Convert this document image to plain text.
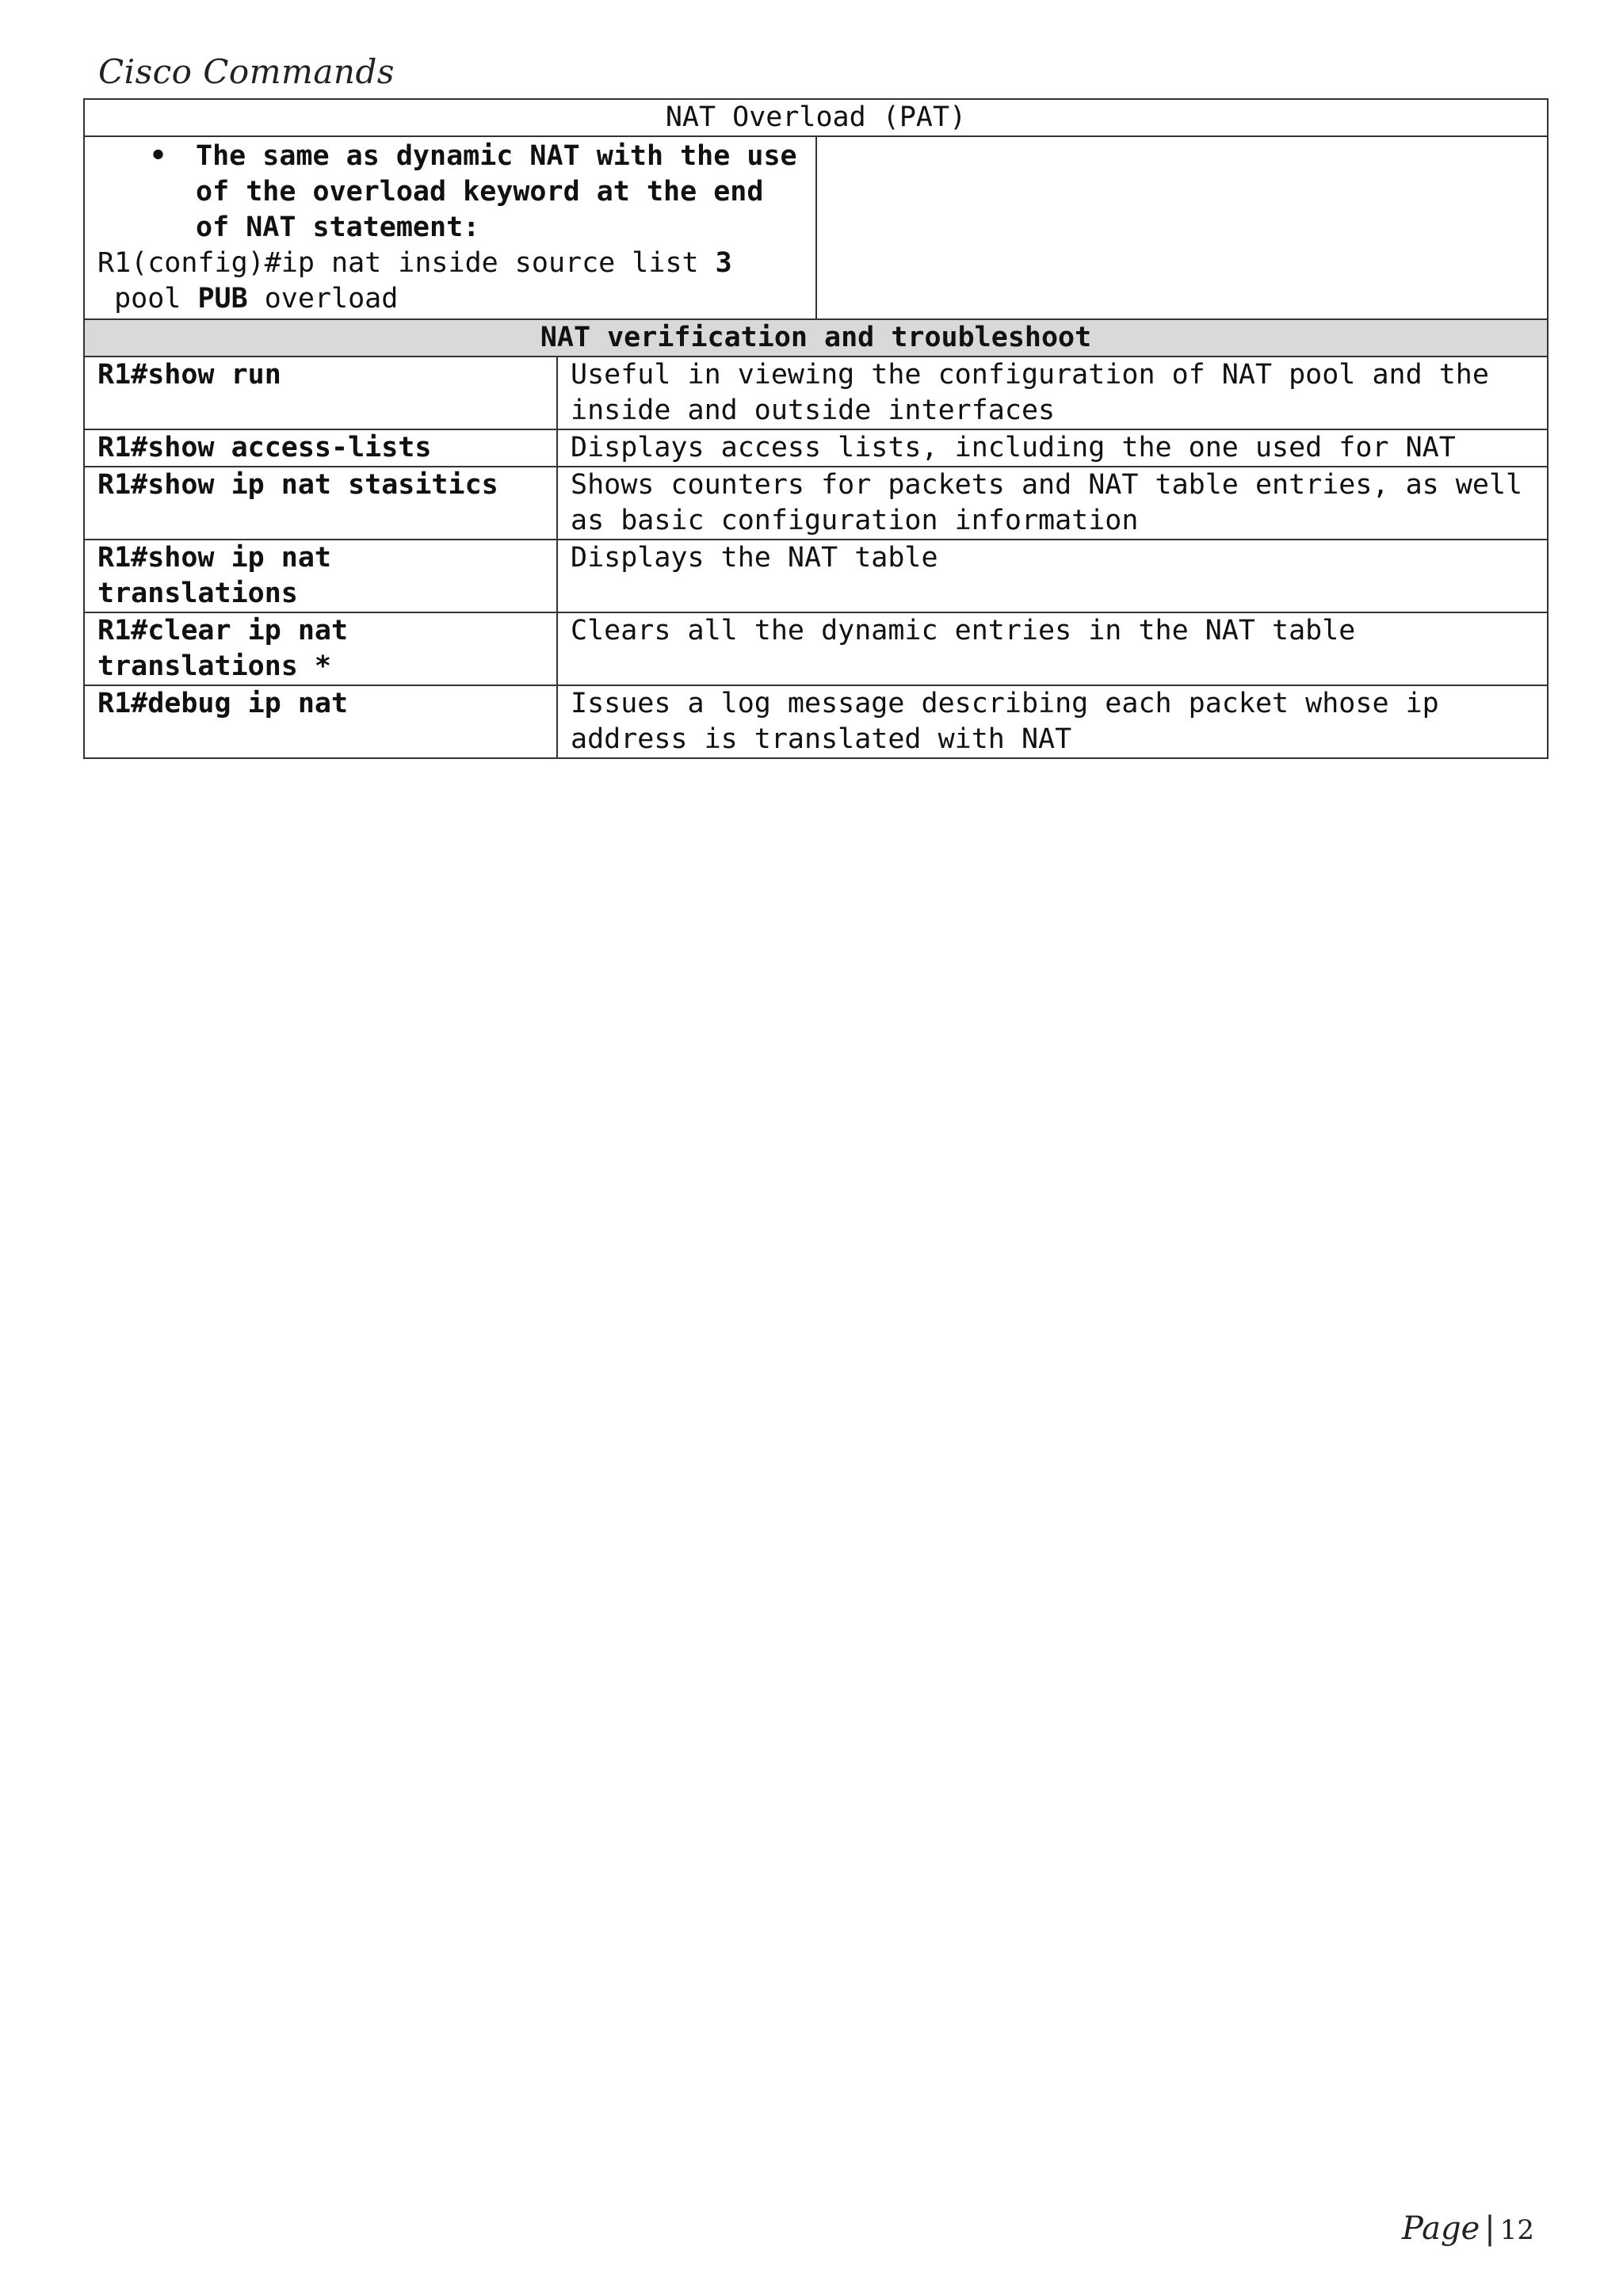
Cisco Commands
NAT Overload (PAT)		

• The same as dynamic NAT with the use of the overload keyword at the end of NAT statement:
R1(config)#ip nat inside source list 3 pool PUB overload		

NAT verification and troubleshoot		
R1#show run	Useful in viewing the configuration of NAT pool and the inside and outside interfaces	
R1#show access-lists	Displays access lists, including the one used for NAT	
R1#show ip nat stasitics	Shows counters for packets and NAT table entries, as well as basic configuration information	
R1#show ip nat translations	Displays the NAT table	
R1#clear ip nat translations *	Clears all the dynamic entries in the NAT table	
R1#debug ip nat	Issues a log message describing each packet whose ip address is translated with NAT	
Page | 12
